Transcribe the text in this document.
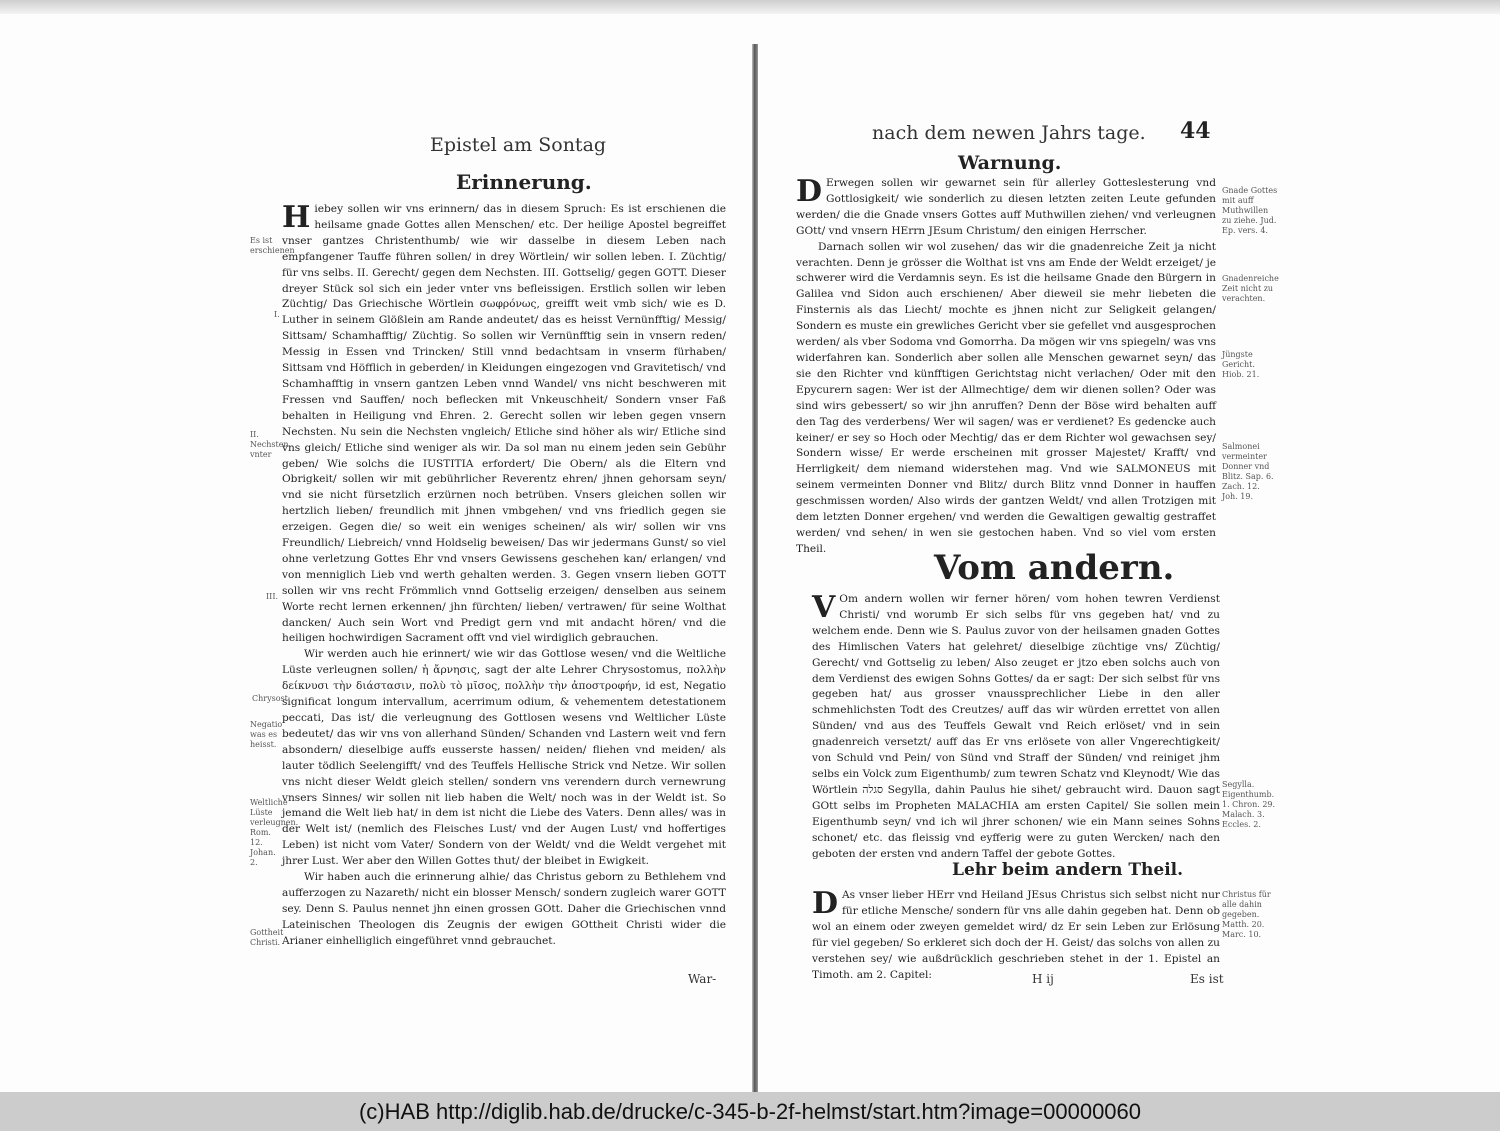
Epistel am Sontag
Erinnerung.

Hiebey sollen wir vns erinnern/ das in diesem Spruch: Es ist erschienen die heilsame gnade Gottes allen Menschen/ etc. Der heilige Apostel begreiffet vnser gantzes Christenthumb/ wie wir dasselbe in diesem Leben nach empfangener Tauffe führen sollen/ in drey Wörtlein/ wir sollen leben. I. Züchtig/ für vns selbs. II. Gerecht/ gegen dem Nechsten. III. Gottselig/ gegen GOTT. Dieser dreyer Stück sol sich ein jeder vnter vns befleissigen. Erstlich sollen wir leben Züchtig/ Das Griechische Wörtlein σωφρόνως, greifft weit vmb sich/ wie es D. Luther in seinem Glößlein am Rande andeutet/ das es heisst Vernünfftig/ Messig/ Sittsam/ Schamhafftig/ Züchtig. So sollen wir Vernünfftig sein in vnsern reden/ Messig in Essen vnd Trincken/ Still vnnd bedachtsam in vnserm fürhaben/ Sittsam vnd Höfflich in geberden/ in Kleidungen eingezogen vnd Gravitetisch/ vnd Schamhafftig in vnsern gantzen Leben vnnd Wandel/ vns nicht beschweren mit Fressen vnd Sauffen/ noch beflecken mit Vnkeuschheit/ Sondern vnser Faß behalten in Heiligung vnd Ehren. 2. Gerecht sollen wir leben gegen vnsern Nechsten. Nu sein die Nechsten vngleich/ Etliche sind höher als wir/ Etliche sind vns gleich/ Etliche sind weniger als wir. Da sol man nu einem jeden sein Gebühr geben/ Wie solchs die IUSTITIA erfordert/ Die Obern/ als die Eltern vnd Obrigkeit/ sollen wir mit gebührlicher Reverentz ehren/ jhnen gehorsam seyn/ vnd sie nicht fürsetzlich erzürnen noch betrüben. Vnsers gleichen sollen wir hertzlich lieben/ freundlich mit jhnen vmbgehen/ vnd vns friedlich gegen sie erzeigen. Gegen die/ so weit ein weniges scheinen/ als wir/ sollen wir vns Freundlich/ Liebreich/ vnnd Holdselig beweisen/ Das wir jedermans Gunst/ so viel ohne verletzung Gottes Ehr vnd vnsers Gewissens geschehen kan/ erlangen/ vnd von menniglich Lieb vnd werth gehalten werden. 3. Gegen vnsern lieben GOTT sollen wir vns recht Frömmlich vnnd Gottselig erzeigen/ denselben aus seinem Worte recht lernen erkennen/ jhn fürchten/ lieben/ vertrawen/ für seine Wolthat dancken/ Auch sein Wort vnd Predigt gern vnd mit andacht hören/ vnd die heiligen hochwirdigen Sacrament offt vnd viel wirdiglich gebrauchen.

Wir werden auch hie erinnert/ wie wir das Gottlose wesen/ vnd die Weltliche Lüste verleugnen sollen/ ἡ ἄρνησις, sagt der alte Lehrer Chrysostomus, πολλὴν δείκνυσι τὴν διάστασιν, πολὺ τὸ μῖσος, πολλὴν τὴν ἀποστροφήν, id est, Negatio significat longum intervallum, acerrimum odium, & vehementem detestationem peccati, Das ist/ die verleugnung des Gottlosen wesens vnd Weltlicher Lüste bedeutet/ das wir vns von allerhand Sünden/ Schanden vnd Lastern weit vnd fern absondern/ dieselbige auffs eusserste hassen/ neiden/ fliehen vnd meiden/ als lauter tödlich Seelengifft/ vnd des Teuffels Hellische Strick vnd Netze. Wir sollen vns nicht dieser Weldt gleich stellen/ sondern vns verendern durch vernewrung vnsers Sinnes/ wir sollen nit lieb haben die Welt/ noch was in der Weldt ist. So jemand die Welt lieb hat/ in dem ist nicht die Liebe des Vaters. Denn alles/ was in der Welt ist/ (nemlich des Fleisches Lust/ vnd der Augen Lust/ vnd hoffertiges Leben) ist nicht vom Vater/ Sondern von der Weldt/ vnd die Weldt vergehet mit jhrer Lust. Wer aber den Willen Gottes thut/ der bleibet in Ewigkeit.

Wir haben auch die erinnerung alhie/ das Christus geborn zu Bethlehem vnd aufferzogen zu Nazareth/ nicht ein blosser Mensch/ sondern zugleich warer GOTT sey. Denn S. Paulus nennet jhn einen grossen GOtt. Daher die Griechischen vnnd Lateinischen Theologen dis Zeugnis der ewigen GOttheit Christi wider die Arianer einhelliglich eingeführet vnnd gebrauchet.

War-
Es ist erschienen
I.
II. Nechsten vnter
III.
Chrysost.
Negatio was es heisst.
Weltliche Lüste verleugnen. Rom. 12. Johan. 2.
Gottheit Christi.
nach dem newen Jahrs tage. 44
Warnung.

D Erwegen sollen wir gewarnet sein für allerley Gotteslesterung vnd Gottlosigkeit/ wie sonderlich zu diesen letzten zeiten Leute gefunden werden/ die die Gnade vnsers Gottes auff Muthwillen ziehen/ vnd verleugnen GOtt/ vnd vnsern HErrn JEsum Christum/ den einigen Herrscher.

Darnach sollen wir wol zusehen/ das wir die gnadenreiche Zeit ja nicht verachten. Denn je grösser die Wolthat ist vns am Ende der Weldt erzeiget/ je schwerer wird die Verdamnis seyn. Es ist die heilsame Gnade den Bürgern in Galilea vnd Sidon auch erschienen/ Aber dieweil sie mehr liebeten die Finsternis als das Liecht/ mochte es jhnen nicht zur Seligkeit gelangen/ Sondern es muste ein grewliches Gericht vber sie gefellet vnd ausgesprochen werden/ als vber Sodoma vnd Gomorrha. Da mögen wir vns spiegeln/ was vns widerfahren kan. Sonderlich aber sollen alle Menschen gewarnet seyn/ das sie den Richter vnd künfftigen Gerichtstag nicht verlachen/ Oder mit den Epycurern sagen: Wer ist der Allmechtige/ dem wir dienen sollen? Oder was sind wirs gebessert/ so wir jhn anruffen? Denn der Böse wird behalten auff den Tag des verderbens/ Wer wil sagen/ was er verdienet? Es gedencke auch keiner/ er sey so Hoch oder Mechtig/ das er dem Richter wol gewachsen sey/ Sondern wisse/ Er werde erscheinen mit grosser Majestet/ Krafft/ vnd Herrligkeit/ dem niemand widerstehen mag. Vnd wie SALMONEUS mit seinem vermeinten Donner vnd Blitz/ durch Blitz vnnd Donner in hauffen geschmissen worden/ Also wirds der gantzen Weldt/ vnd allen Trotzigen mit dem letzten Donner ergehen/ vnd werden die Gewaltigen gewaltig gestraffet werden/ vnd sehen/ in wen sie gestochen haben. Vnd so viel vom ersten Theil.	Vom andern.

V Om andern wollen wir ferner hören/ vom hohen tewren Verdienst Christi/ vnd worumb Er sich selbs für vns gegeben hat/ vnd zu welchem ende. Denn wie S. Paulus zuvor von der heilsamen gnaden Gottes des Himlischen Vaters hat gelehret/ dieselbige züchtige vns/ Züchtig/ Gerecht/ vnd Gottselig zu leben/ Also zeuget er jtzo eben solchs auch von dem Verdienst des ewigen Sohns Gottes/ da er sagt: Der sich selbst für vns gegeben hat/ aus grosser vnaussprechlicher Liebe in den aller schmehlichsten Todt des Creutzes/ auff das wir würden errettet von allen Sünden/ vnd aus des Teuffels Gewalt vnd Reich erlöset/ vnd in sein gnadenreich versetzt/ auff das Er vns erlösete von aller Vngerechtigkeit/ von Schuld vnd Pein/ von Sünd vnd Straff der Sünden/ vnd reiniget jhm selbs ein Volck zum Eigenthumb/ zum tewren Schatz vnd Kleynodt/ Wie das Wörtlein סגלה Segylla, dahin Paulus hie sihet/ gebraucht wird. Dauon sagt GOtt selbs im Propheten MALACHIA am ersten Capitel/ Sie sollen mein Eigenthumb seyn/ vnd ich wil jhrer schonen/ wie ein Mann seines Sohns schonet/ etc. das fleissig vnd eyfferig were zu guten Wercken/ nach den geboten der ersten vnd andern Taffel der gebote Gottes.

Lehr beim andern Theil.

D As vnser lieber HErr vnd Heiland JEsus Christus sich selbst nicht nur für etliche Mensche/ sondern für vns alle dahin gegeben hat. Denn ob wol an einem oder zweyen gemeldet wird/ dz Er sein Leben zur Erlösung für viel gegeben/ So erkleret sich doch der H. Geist/ das solchs von allen zu verstehen sey/ wie außdrücklich geschrieben stehet in der 1. Epistel an Timoth. am 2. Capitel:	H ij	Es ist
Gnade Gottes mit auff Muthwillen zu ziehe. Jud. Ep. vers. 4.
Gnadenreiche Zeit nicht zu verachten.
Jüngste Gericht. Hiob. 21.
Salmonei vermeinter Donner vnd Blitz. Sap. 6. Zach. 12. Joh. 19.
Segylla. Eigenthumb. 1. Chron. 29. Malach. 3. Eccles. 2.
Christus für alle dahin gegeben. Matth. 20. Marc. 10.
(c)HAB http://diglib.hab.de/drucke/c-345-b-2f-helmst/start.htm?image=00000060
